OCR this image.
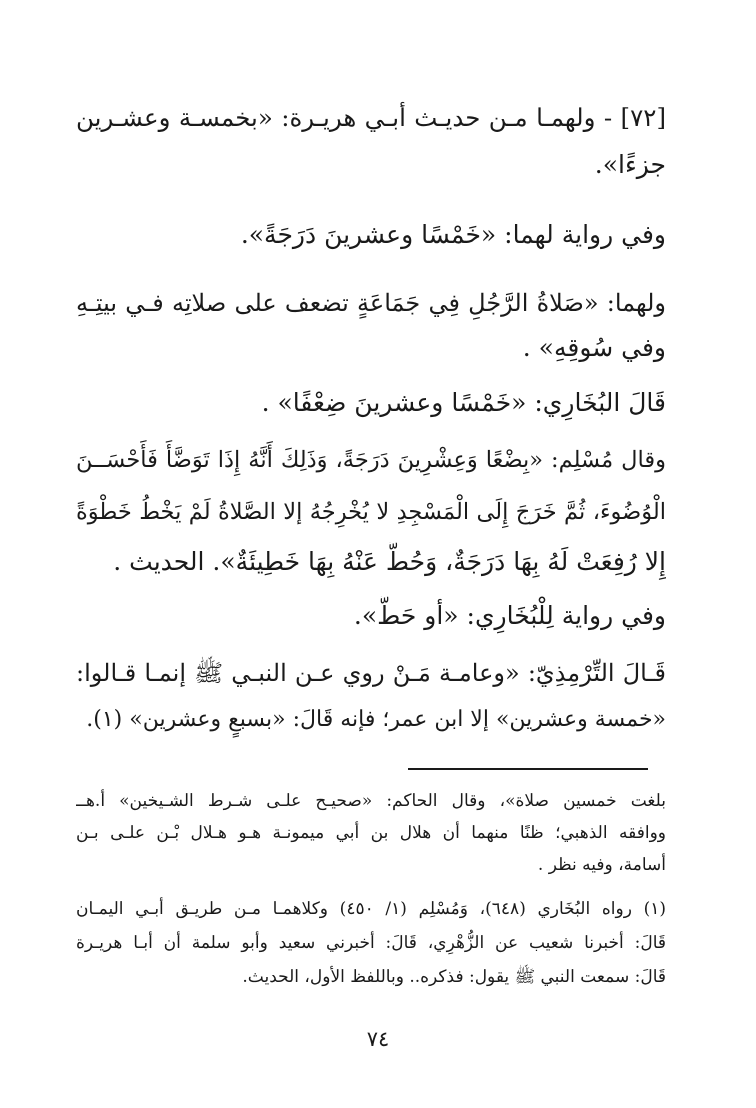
[٧٢] - ولهمـا مـن حديـث أبـي هريـرة: «بخمسـة وعشـرين
جزءًا».
وفي رواية لهما: «خَمْسًا وعشرينَ دَرَجَةً».
ولهما: «صَلاةُ الرَّجُلِ فِي جَمَاعَةٍ تضعف على صلاتِه فـي بيتِـهِ
وفي سُوقِهِ» .
قَالَ البُخَارِي: «خَمْسًا وعشرينَ ضِعْفًا» .
وقال مُسْلِم: «بِضْعًا وَعِشْرِينَ دَرَجَةً، وَذَلِكَ أَنَّهُ إِذَا تَوَضَّأَ فَأَحْسَــنَ
الْوُضُوءَ، ثُمَّ خَرَجَ إِلَى الْمَسْجِدِ لا يُخْرِجُهُ إلا الصَّلاةُ لَمْ يَخْطُ خَطْوَةً
إِلا رُفِعَتْ لَهُ بِهَا دَرَجَةٌ، وَحُطَّ عَنْهُ بِهَا خَطِيئَةٌ». الحديث .
وفي رواية لِلْبُخَارِي: «أو حَطَّ».
قَـالَ التِّرْمِذِيّ: «وعامـة مَـنْ روي عـن النبـي ﷺ إنمـا قـالوا:
«خمسة وعشرين» إلا ابن عمر؛ فإنه قَالَ: «بسبعٍ وعشرين» (١).
بلغت خمسين صلاة»، وقال الحاكم: «صحيـح علـى شـرط الشـيخين» أ.هــ
ووافقه الذهبي؛ ظنًا منهما أن هلال بن أبي ميمونـة هـو هـلال بْـن علـى بـن
أسامة، وفيه نظر .
(١) رواه البُخَاري (٦٤٨)، وَمُسْلِم (١/ ٤٥٠) وكلاهمـا مـن طريـق أبـي اليمـان
قَالَ: أخبرنا شعيب عن الزُّهْرِي، قَالَ: أخبرني سعيد وأبو سلمة أن أبـا هريـرة
قَالَ: سمعت النبي ﷺ يقول: فذكره.. وباللفظ الأول، الحديث.
٧٤
